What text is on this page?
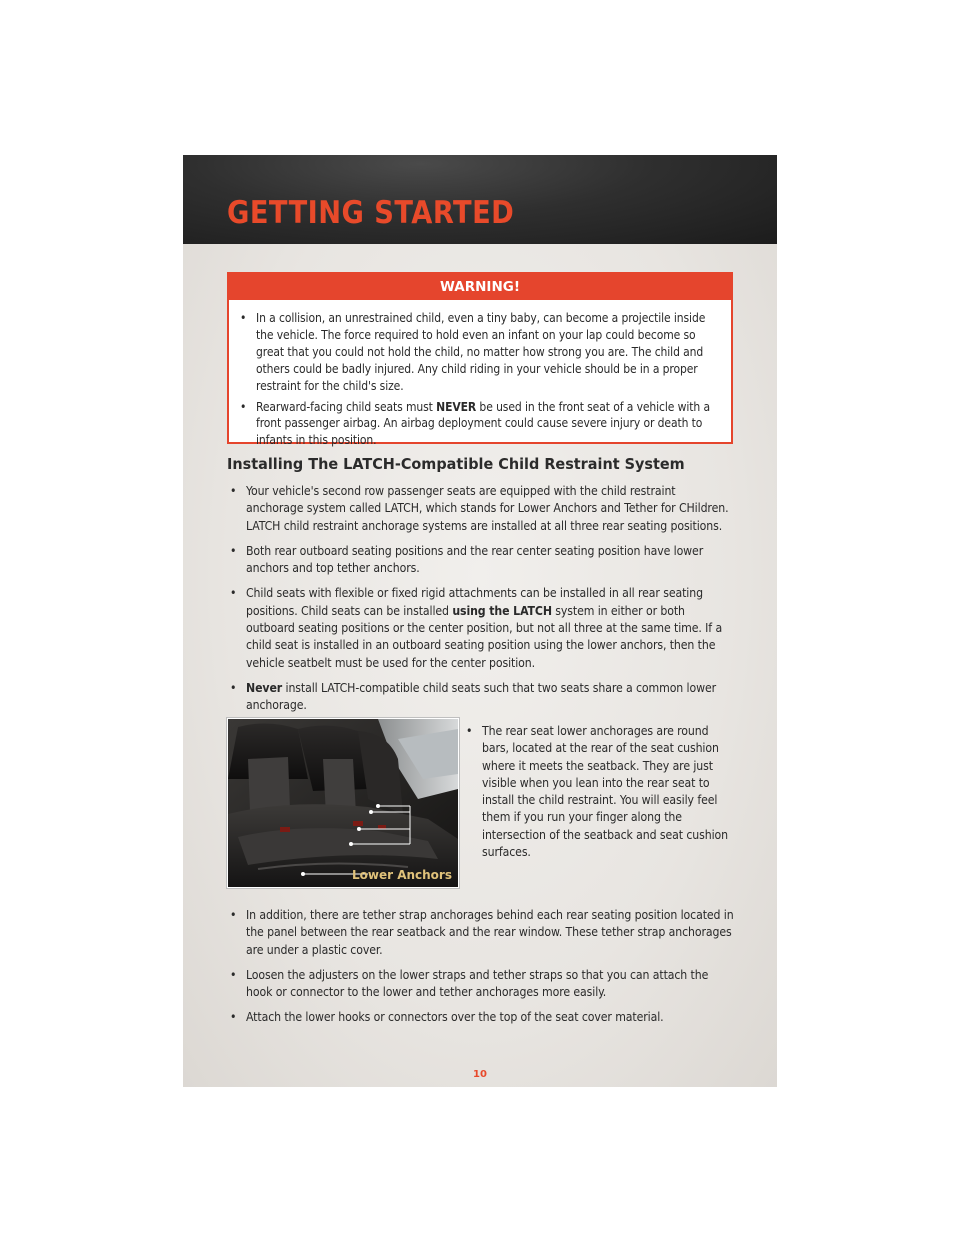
GETTING STARTED
WARNING!
• In a collision, an unrestrained child, even a tiny baby, can become a projectile inside the vehicle. The force required to hold even an infant on your lap could become so great that you could not hold the child, no matter how strong you are. The child and others could be badly injured. Any child riding in your vehicle should be in a proper restraint for the child's size.
• Rearward-facing child seats must NEVER be used in the front seat of a vehicle with a front passenger airbag. An airbag deployment could cause severe injury or death to infants in this position.
Installing The LATCH-Compatible Child Restraint System
• Your vehicle's second row passenger seats are equipped with the child restraint anchorage system called LATCH, which stands for Lower Anchors and Tether for CHildren. LATCH child restraint anchorage systems are installed at all three rear seating positions.
• Both rear outboard seating positions and the rear center seating position have lower anchors and top tether anchors.
• Child seats with flexible or fixed rigid attachments can be installed in all rear seating positions. Child seats can be installed using the LATCH system in either or both outboard seating positions or the center position, but not all three at the same time. If a child seat is installed in an outboard seating position using the lower anchors, then the vehicle seatbelt must be used for the center position.
• Never install LATCH-compatible child seats such that two seats share a common lower anchorage.
Lower Anchors
• The rear seat lower anchorages are round bars, located at the rear of the seat cushion where it meets the seatback. They are just visible when you lean into the rear seat to install the child restraint. You will easily feel them if you run your finger along the intersection of the seatback and seat cushion surfaces.
• In addition, there are tether strap anchorages behind each rear seating position located in the panel between the rear seatback and the rear window. These tether strap anchorages are under a plastic cover.
• Loosen the adjusters on the lower straps and tether straps so that you can attach the hook or connector to the lower and tether anchorages more easily.
• Attach the lower hooks or connectors over the top of the seat cover material.
10
